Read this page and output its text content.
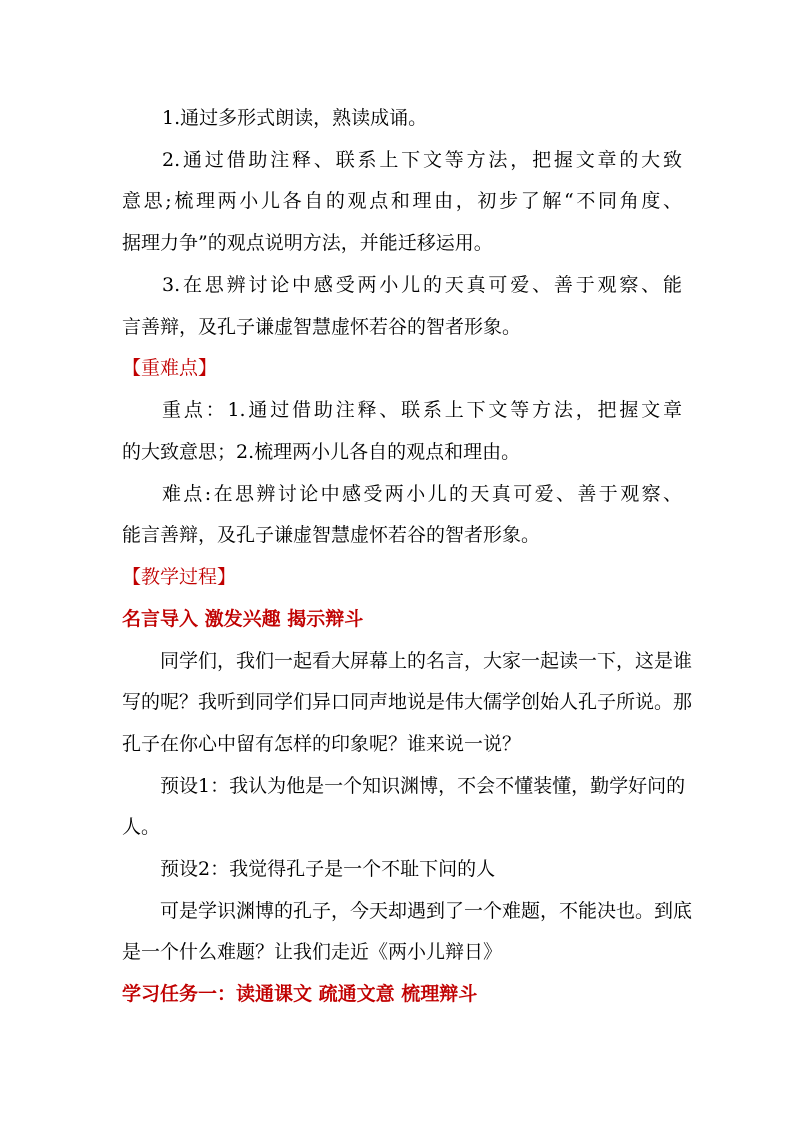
1.通过多形式朗读，熟读成诵。
2.通过借助注释、联系上下文等方法，把握文章的大致
意思;梳理两小儿各自的观点和理由，初步了解“不同角度、
据理力争”的观点说明方法，并能迁移运用。
3.在思辨讨论中感受两小儿的天真可爱、善于观察、能
言善辩，及孔子谦虚智慧虚怀若谷的智者形象。
【重难点】
重点：1.通过借助注释、联系上下文等方法，把握文章
的大致意思；2.梳理两小儿各自的观点和理由。
难点:在思辨讨论中感受两小儿的天真可爱、善于观察、
能言善辩，及孔子谦虚智慧虚怀若谷的智者形象。
【教学过程】
名言导入 激发兴趣 揭示辩斗
同学们，我们一起看大屏幕上的名言，大家一起读一下，这是谁
写的呢？我听到同学们异口同声地说是伟大儒学创始人孔子所说。那
孔子在你心中留有怎样的印象呢？谁来说一说？
预设1：我认为他是一个知识渊博，不会不懂装懂，勤学好问的
人。
预设2：我觉得孔子是一个不耻下问的人
可是学识渊博的孔子，今天却遇到了一个难题，不能决也。到底
是一个什么难题？让我们走近《两小儿辩日》
学习任务一：读通课文 疏通文意 梳理辩斗
